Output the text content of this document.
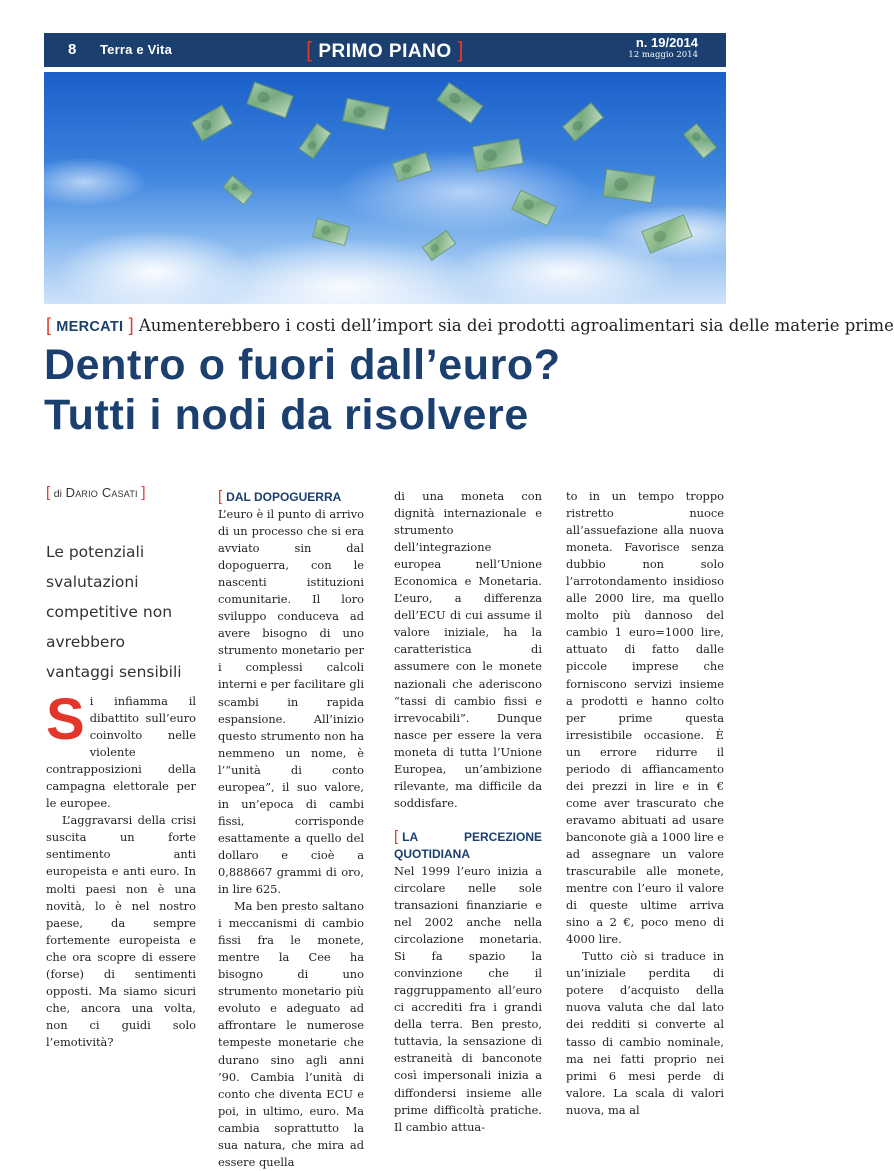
8 Terra e Vita	[ PRIMO PIANO ]	n. 19/2014
12 maggio 2014
[ MERCATI ] Aumenterebbero i costi dell’import sia dei prodotti agroalimentari sia delle materie prime
Dentro o fuori dall’euro?
Tutti i nodi da risolvere
[ di Dario Casati ]
Le potenziali svalutazioni competitive non avrebbero vantaggi sensibili
S i infiamma il dibattito sull’euro coinvolto nelle violente contrapposizioni della campagna elettorale per le europee.

L’aggravarsi della crisi suscita un forte sentimento anti europeista e anti euro. In molti paesi non è una novità, lo è nel nostro paese, da sempre fortemente europeista e che ora scopre di essere (forse) di sentimenti opposti. Ma siamo sicuri che, ancora una volta, non ci guidi solo l’emotività?

[ DAL DOPOGUERRA

L’euro è il punto di arrivo di un processo che si era avviato sin dal dopoguerra, con le nascenti istituzioni comunitarie. Il loro sviluppo conduceva ad avere bisogno di uno strumento monetario per i complessi calcoli interni e per facilitare gli scambi in rapida espansione. All’inizio questo strumento non ha nemmeno un nome, è l’“unità di conto europea”, il suo valore, in un’epoca di cambi fissi, corrisponde esattamente a quello del dollaro e cioè a 0,888667 grammi di oro, in lire 625.

Ma ben presto saltano i meccanismi di cambio fissi fra le monete, mentre la Cee ha bisogno di uno strumento monetario più evoluto e adeguato ad affrontare le numerose tempeste monetarie che durano sino agli anni ’90. Cambia l’unità di conto che diventa ECU e poi, in ultimo, euro. Ma cambia soprattutto la sua natura, che mira ad essere quella

di una moneta con dignità internazionale e strumento dell’integrazione europea nell’Unione Economica e Monetaria. L’euro, a differenza dell’ECU di cui assume il valore iniziale, ha la caratteristica di assumere con le monete nazionali che aderiscono “tassi di cambio fissi e irrevocabili”. Dunque nasce per essere la vera moneta di tutta l’Unione Europea, un’ambizione rilevante, ma difficile da soddisfare.

[ LA PERCEZIONE QUOTIDIANA

Nel 1999 l’euro inizia a circolare nelle sole transazioni finanziarie e nel 2002 anche nella circolazione monetaria. Si fa spazio la convinzione che il raggruppamento all’euro ci accrediti fra i grandi della terra. Ben presto, tuttavia, la sensazione di estraneità di banconote così impersonali inizia a diffondersi insieme alle prime difficoltà pratiche. Il cambio attua-

to in un tempo troppo ristretto nuoce all’assuefazione alla nuova moneta. Favorisce senza dubbio non solo l’arrotondamento insidioso alle 2000 lire, ma quello molto più dannoso del cambio 1 euro=1000 lire, attuato di fatto dalle piccole imprese che forniscono servizi insieme a prodotti e hanno colto per prime questa irresistibile occasione. È un errore ridurre il periodo di affiancamento dei prezzi in lire e in € come aver trascurato che eravamo abituati ad usare banconote già a 1000 lire e ad assegnare un valore trascurabile alle monete, mentre con l’euro il valore di queste ultime arriva sino a 2 €, poco meno di 4000 lire.

Tutto ciò si traduce in un’iniziale perdita di potere d’acquisto della nuova valuta che dal lato dei redditi si converte al tasso di cambio nominale, ma nei fatti proprio nei primi 6 mesi perde di valore. La scala di valori nuova, ma al
